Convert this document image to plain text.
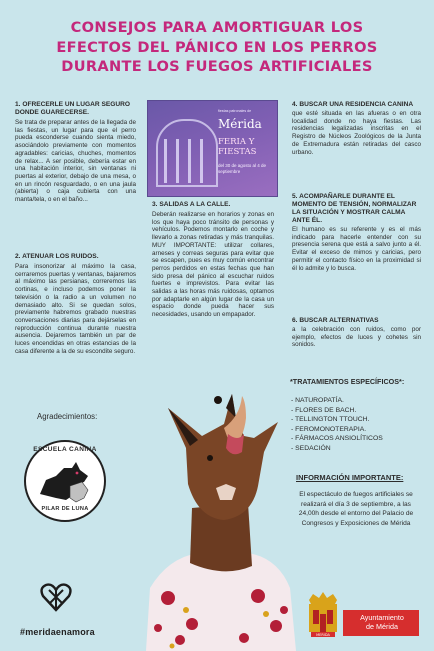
CONSEJOS PARA AMORTIGUAR LOS
EFECTOS DEL PÁNICO EN LOS PERROS
DURANTE LOS FUEGOS ARTIFICIALES
1. OFRECERLE UN LUGAR SEGURO DONDE GUARECERSE.

Se trata de preparar antes de la llegada de las fiestas, un lugar para que el perro pueda esconderse cuando sienta miedo, asociándolo previamente con momentos agradables: caricias, chuches, momentos de relax... A ser posible, debería estar en una habitación interior, sin ventanas ni puertas al exterior, debajo de una mesa, o en un rincón resguardado, o en una jaula (abierta) o caja cubierta con una manta/tela, o en el baño...

2. ATENUAR LOS RUIDOS.

Para insonorizar al máximo la casa, cerraremos puertas y ventanas, bajaremos al máximo las persianas, correremos las cortinas, e incluso podemos poner la televisión o la radio a un volumen no demasiado alto. Si se quedan solos, previamente habremos grabado nuestras conversaciones diarias para dejárselas en reproducción continua durante nuestra ausencia. Dejaremos también un par de luces encendidas en otras estancias de la casa diferente a la de su escondite seguro.

fiestas patronales de
Mérida
FERIA Y FIESTAS
del 30 de agosto al 4 de septiembre
3. SALIDAS A LA CALLE.

Deberán realizarse en horarios y zonas en los que haya poco tránsito de personas y vehículos. Podemos montarlo en coche y llevarlo a zonas retiradas y más tranquilas. MUY IMPORTANTE: utilizar collares, arneses y correas seguras para evitar que se escapen, pues es muy común encontrar perros perdidos en estas fechas que han sido presa del pánico al escuchar ruidos fuertes e imprevistos. Para evitar las salidas a las horas más ruidosas, optamos por adaptarle en algún lugar de la casa un espacio donde pueda hacer sus necesidades, usando un empapador.

4. BUSCAR UNA RESIDENCIA CANINA

que esté situada en las afueras o en otra localidad donde no haya fiestas. Las residencias legalizadas inscritas en el Registro de Núcleos Zoológicos de la Junta de Extremadura están retiradas del casco urbano.

5. ACOMPAÑARLE DURANTE EL MOMENTO DE TENSIÓN, NORMALIZAR LA SITUACIÓN Y MOSTRAR CALMA ANTE ÉL.

El humano es su referente y es el más indicado para hacerle entender con su presencia serena que está a salvo junto a él. Evitar el exceso de mimos y caricias, pero permitir el contacto físico en la proximidad si él lo admite y lo busca.

6. BUSCAR ALTERNATIVAS

a la celebración con ruidos, como por ejemplo, efectos de luces y cohetes sin sonidos.

Agradecimientos:
ESCUELA CANINA
PILAR DE LUNA
*TRATAMIENTOS ESPECÍFICOS*:
- NATUROPATÍA.
- FLORES DE BACH.
- TELLINGTON TTOUCH.
- FEROMONOTERAPIA.
- FÁRMACOS ANSIOLÍTICOS
- SEDACIÓN
INFORMACIÓN IMPORTANTE:
El espectáculo de fuegos artificiales se realizará el día 3 de septiembre, a las 24,00h desde el entorno del Palacio de Congresos y Exposiciones de Mérida
#meridaenamora	MERIDA
Ayuntamiento
de Mérida
